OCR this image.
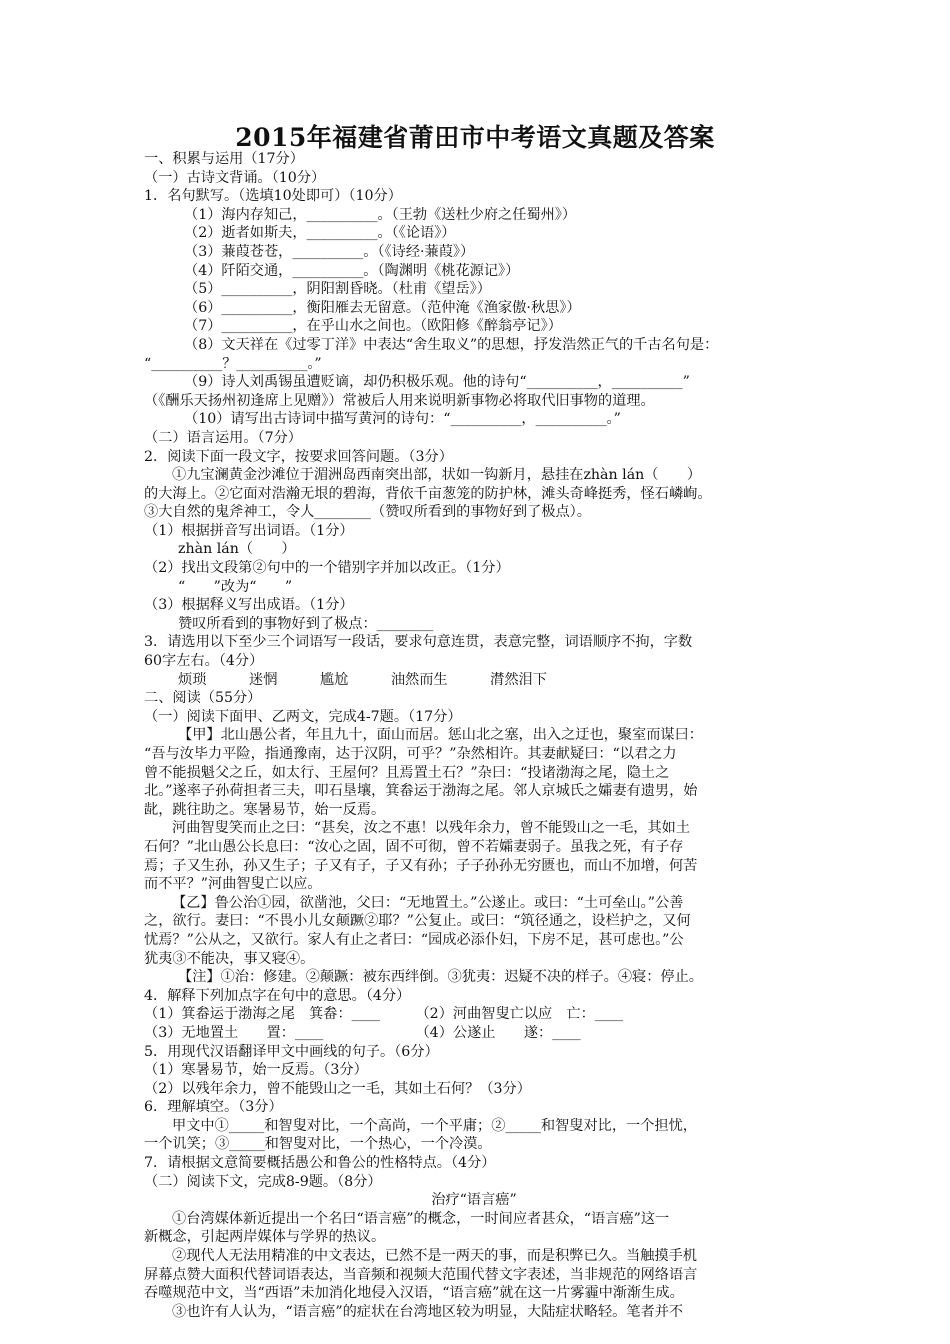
2015年福建省莆田市中考语文真题及答案
一、积累与运用（17分）
（一）古诗文背诵。（10分）
1．名句默写。（选填10处即可）（10分）
（1）海内存知己，__________。（王勃《送杜少府之任蜀州》）
（2）逝者如斯夫，__________。（《论语》）
（3）蒹葭苍苍，__________。（《诗经·蒹葭》）
（4）阡陌交通，__________。（陶渊明《桃花源记》）
（5）__________，阴阳割昏晓。（杜甫《望岳》）
（6）__________，衡阳雁去无留意。（范仲淹《渔家傲·秋思》）
（7）__________，在乎山水之间也。（欧阳修《醉翁亭记》）
（8）文天祥在《过零丁洋》中表达“舍生取义”的思想，抒发浩然正气的千古名句是：
“__________？__________。”
（9）诗人刘禹锡虽遭贬谪，却仍积极乐观。他的诗句“__________，__________”
（《酬乐天扬州初逢席上见赠》）常被后人用来说明新事物必将取代旧事物的道理。
（10）请写出古诗词中描写黄河的诗句：“__________，__________。”
（二）语言运用。（7分）
2．阅读下面一段文字，按要求回答问题。（3分）
①九宝澜黄金沙滩位于湄洲岛西南突出部，状如一钩新月，悬挂在zhàn lán（　　）
的大海上。②它面对浩瀚无垠的碧海，背依千亩葱笼的防护林，滩头奇峰挺秀，怪石嶙峋。
③大自然的鬼斧神工，令人________（赞叹所看到的事物好到了极点）。
（1）根据拼音写出词语。（1分）
zhàn lán（　　）
（2）找出文段第②句中的一个错别字并加以改正。（1分）
“　　”改为“　　”
（3）根据释义写出成语。（1分）
赞叹所看到的事物好到了极点：________
3．请选用以下至少三个词语写一段话，要求句意连贯，表意完整，词语顺序不拘，字数
60字左右。（4分）
烦琐　　　迷惘　　　尴尬　　　油然而生　　　潸然泪下
二、阅读（55分）
（一）阅读下面甲、乙两文，完成4-7题。（17分）
【甲】北山愚公者，年且九十，面山而居。惩山北之塞，出入之迂也，聚室而谋曰：
“吾与汝毕力平险，指通豫南，达于汉阴，可乎？”杂然相许。其妻献疑曰：“以君之力
曾不能损魁父之丘，如太行、王屋何？且焉置土石？”杂曰：“投诸渤海之尾，隐土之
北。”遂率子孙荷担者三夫，叩石垦壤，箕畚运于渤海之尾。邻人京城氏之孀妻有遗男，始
龀，跳往助之。寒暑易节，始一反焉。
河曲智叟笑而止之曰：“甚矣，汝之不惠！以残年余力，曾不能毁山之一毛，其如土
石何？”北山愚公长息曰：“汝心之固，固不可彻，曾不若孀妻弱子。虽我之死，有子存
焉；子又生孙，孙又生子；子又有子，子又有孙；子子孙孙无穷匮也，而山不加增，何苦
而不平？”河曲智叟亡以应。
【乙】鲁公治①园，欲凿池，父曰：“无地置土。”公遂止。或曰：“土可垒山。”公善
之，欲行。妻曰：“不畏小儿女颠蹶②耶？”公复止。或曰：“筑径通之，设栏护之，又何
忧焉？”公从之，又欲行。家人有止之者曰：“园成必添仆妇，下房不足，甚可虑也。”公
犹夷③不能决，事又寝④。
【注】①治：修建。②颠蹶：被东西绊倒。③犹夷：迟疑不决的样子。④寝：停止。
4．解释下列加点字在句中的意思。（4分）
（1）箕畚运于渤海之尾　箕畚：____　　　（2）河曲智叟亡以应　亡：____
（3）无地置土　　置：____　　　　　　　（4）公遂止　　遂：____
5．用现代汉语翻译甲文中画线的句子。（6分）
（1）寒暑易节，始一反焉。（3分）
（2）以残年余力，曾不能毁山之一毛，其如土石何？（3分）
6．理解填空。（3分）
甲文中①_____和智叟对比，一个高尚，一个平庸；②_____和智叟对比，一个担忧，
一个讥笑；③_____和智叟对比，一个热心，一个冷漠。
7．请根据文意简要概括愚公和鲁公的性格特点。（4分）
（二）阅读下文，完成8-9题。（8分）
治疗“语言癌”
①台湾媒体新近提出一个名曰“语言癌”的概念，一时间应者甚众，“语言癌”这一
新概念，引起两岸媒体与学界的热议。
②现代人无法用精准的中文表达，已然不是一两天的事，而是积弊已久。当触摸手机
屏幕点赞大面积代替词语表达，当音频和视频大范围代替文字表述，当非规范的网络语言
吞噬规范中文，当“西语”未加消化地侵入汉语，“语言癌”就在这一片雾霾中渐渐生成。
③也许有人认为，“语言癌”的症状在台湾地区较为明显，大陆症状略轻。笔者并不
